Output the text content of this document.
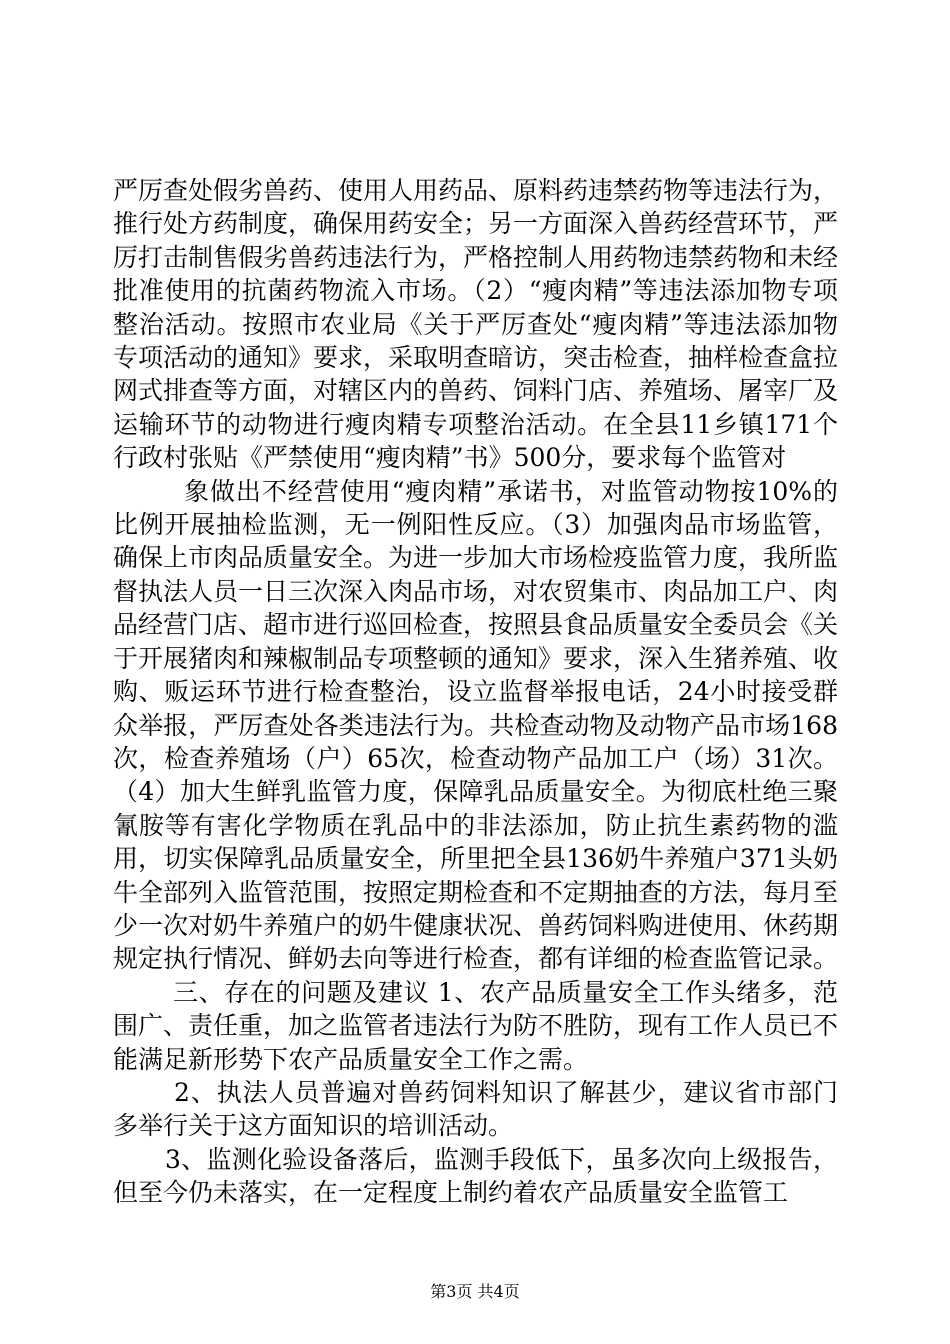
严厉查处假劣兽药、使用人用药品、原料药违禁药物等违法行为，推行处方药制度，确保用药安全；另一方面深入兽药经营环节，严厉打击制售假劣兽药违法行为，严格控制人用药物违禁药物和未经批准使用的抗菌药物流入市场。（2）“瘦肉精”等违法添加物专项整治活动。按照市农业局《关于严厉查处“瘦肉精”等违法添加物专项活动的通知》要求，采取明查暗访，突击检查，抽样检查盒拉网式排查等方面，对辖区内的兽药、饲料门店、养殖场、屠宰厂及运输环节的动物进行瘦肉精专项整治活动。在全县11乡镇171个行政村张贴《严禁使用“瘦肉精”书》500分，要求每个监管对

象做出不经营使用“瘦肉精”承诺书，对监管动物按10%的比例开展抽检监测，无一例阳性反应。（3）加强肉品市场监管，确保上市肉品质量安全。为进一步加大市场检疫监管力度，我所监督执法人员一日三次深入肉品市场，对农贸集市、肉品加工户、肉品经营门店、超市进行巡回检查，按照县食品质量安全委员会《关于开展猪肉和辣椒制品专项整顿的通知》要求，深入生猪养殖、收购、贩运环节进行检查整治，设立监督举报电话，24小时接受群众举报，严厉查处各类违法行为。共检查动物及动物产品市场168次，检查养殖场（户）65次，检查动物产品加工户（场）31次。（4）加大生鲜乳监管力度，保障乳品质量安全。为彻底杜绝三聚氰胺等有害化学物质在乳品中的非法添加，防止抗生素药物的滥用，切实保障乳品质量安全，所里把全县136奶牛养殖户371头奶牛全部列入监管范围，按照定期检查和不定期抽查的方法，每月至少一次对奶牛养殖户的奶牛健康状况、兽药饲料购进使用、休药期规定执行情况、鲜奶去向等进行检查，都有详细的检查监管记录。

三、存在的问题及建议 1、农产品质量安全工作头绪多，范围广、责任重，加之监管者违法行为防不胜防，现有工作人员已不能满足新形势下农产品质量安全工作之需。

2、执法人员普遍对兽药饲料知识了解甚少，建议省市部门多举行关于这方面知识的培训活动。

3、监测化验设备落后，监测手段低下，虽多次向上级报告，但至今仍未落实，在一定程度上制约着农产品质量安全监管工

第3页 共4页
